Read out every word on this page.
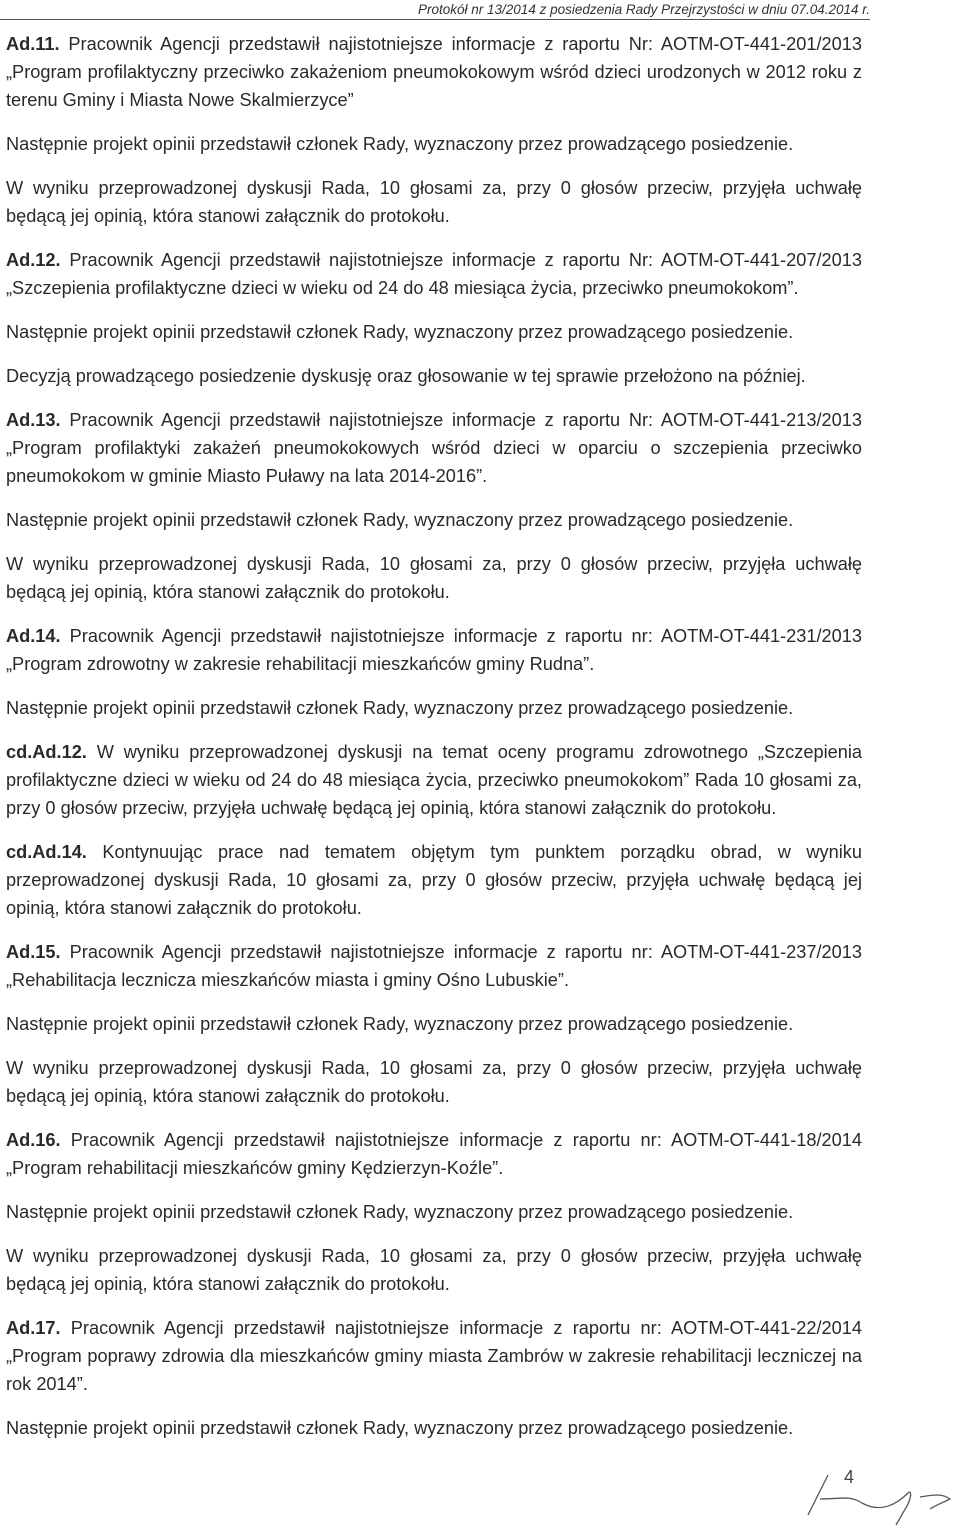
Protokół nr 13/2014 z posiedzenia Rady Przejrzystości w dniu 07.04.2014 r.

Ad.11. Pracownik Agencji przedstawił najistotniejsze informacje z raportu Nr: AOTM-OT-441-201/2013 „Program profilaktyczny przeciwko zakażeniom pneumokokowym wśród dzieci urodzonych w 2012 roku z terenu Gminy i Miasta Nowe Skalmierzyce”

Następnie projekt opinii przedstawił członek Rady, wyznaczony przez prowadzącego posiedzenie.

W wyniku przeprowadzonej dyskusji Rada, 10 głosami za, przy 0 głosów przeciw, przyjęła uchwałę będącą jej opinią, która stanowi załącznik do protokołu.

Ad.12. Pracownik Agencji przedstawił najistotniejsze informacje z raportu Nr: AOTM-OT-441-207/2013 „Szczepienia profilaktyczne dzieci w wieku od 24 do 48 miesiąca życia, przeciwko pneumokokom”.

Następnie projekt opinii przedstawił członek Rady, wyznaczony przez prowadzącego posiedzenie.

Decyzją prowadzącego posiedzenie dyskusję oraz głosowanie w tej sprawie przełożono na później.

Ad.13. Pracownik Agencji przedstawił najistotniejsze informacje z raportu Nr: AOTM-OT-441-213/2013 „Program profilaktyki zakażeń pneumokokowych wśród dzieci w oparciu o szczepienia przeciwko pneumokokom w gminie Miasto Puławy na lata 2014-2016”.

Następnie projekt opinii przedstawił członek Rady, wyznaczony przez prowadzącego posiedzenie.

W wyniku przeprowadzonej dyskusji Rada, 10 głosami za, przy 0 głosów przeciw, przyjęła uchwałę będącą jej opinią, która stanowi załącznik do protokołu.

Ad.14. Pracownik Agencji przedstawił najistotniejsze informacje z raportu nr: AOTM-OT-441-231/2013 „Program zdrowotny w zakresie rehabilitacji mieszkańców gminy Rudna”.

Następnie projekt opinii przedstawił członek Rady, wyznaczony przez prowadzącego posiedzenie.

cd.Ad.12. W wyniku przeprowadzonej dyskusji na temat oceny programu zdrowotnego „Szczepienia profilaktyczne dzieci w wieku od 24 do 48 miesiąca życia, przeciwko pneumokokom” Rada 10 głosami za, przy 0 głosów przeciw, przyjęła uchwałę będącą jej opinią, która stanowi załącznik do protokołu.

cd.Ad.14. Kontynuując prace nad tematem objętym tym punktem porządku obrad, w wyniku przeprowadzonej dyskusji Rada, 10 głosami za, przy 0 głosów przeciw, przyjęła uchwałę będącą jej opinią, która stanowi załącznik do protokołu.

Ad.15. Pracownik Agencji przedstawił najistotniejsze informacje z raportu nr: AOTM-OT-441-237/2013 „Rehabilitacja lecznicza mieszkańców miasta i gminy Ośno Lubuskie”.

Następnie projekt opinii przedstawił członek Rady, wyznaczony przez prowadzącego posiedzenie.

W wyniku przeprowadzonej dyskusji Rada, 10 głosami za, przy 0 głosów przeciw, przyjęła uchwałę będącą jej opinią, która stanowi załącznik do protokołu.

Ad.16. Pracownik Agencji przedstawił najistotniejsze informacje z raportu nr: AOTM-OT-441-18/2014 „Program rehabilitacji mieszkańców gminy Kędzierzyn-Koźle”.

Następnie projekt opinii przedstawił członek Rady, wyznaczony przez prowadzącego posiedzenie.

W wyniku przeprowadzonej dyskusji Rada, 10 głosami za, przy 0 głosów przeciw, przyjęła uchwałę będącą jej opinią, która stanowi załącznik do protokołu.

Ad.17. Pracownik Agencji przedstawił najistotniejsze informacje z raportu nr: AOTM-OT-441-22/2014 „Program poprawy zdrowia dla mieszkańców gminy miasta Zambrów w zakresie rehabilitacji leczniczej na rok 2014”.

Następnie projekt opinii przedstawił członek Rady, wyznaczony przez prowadzącego posiedzenie.

4
